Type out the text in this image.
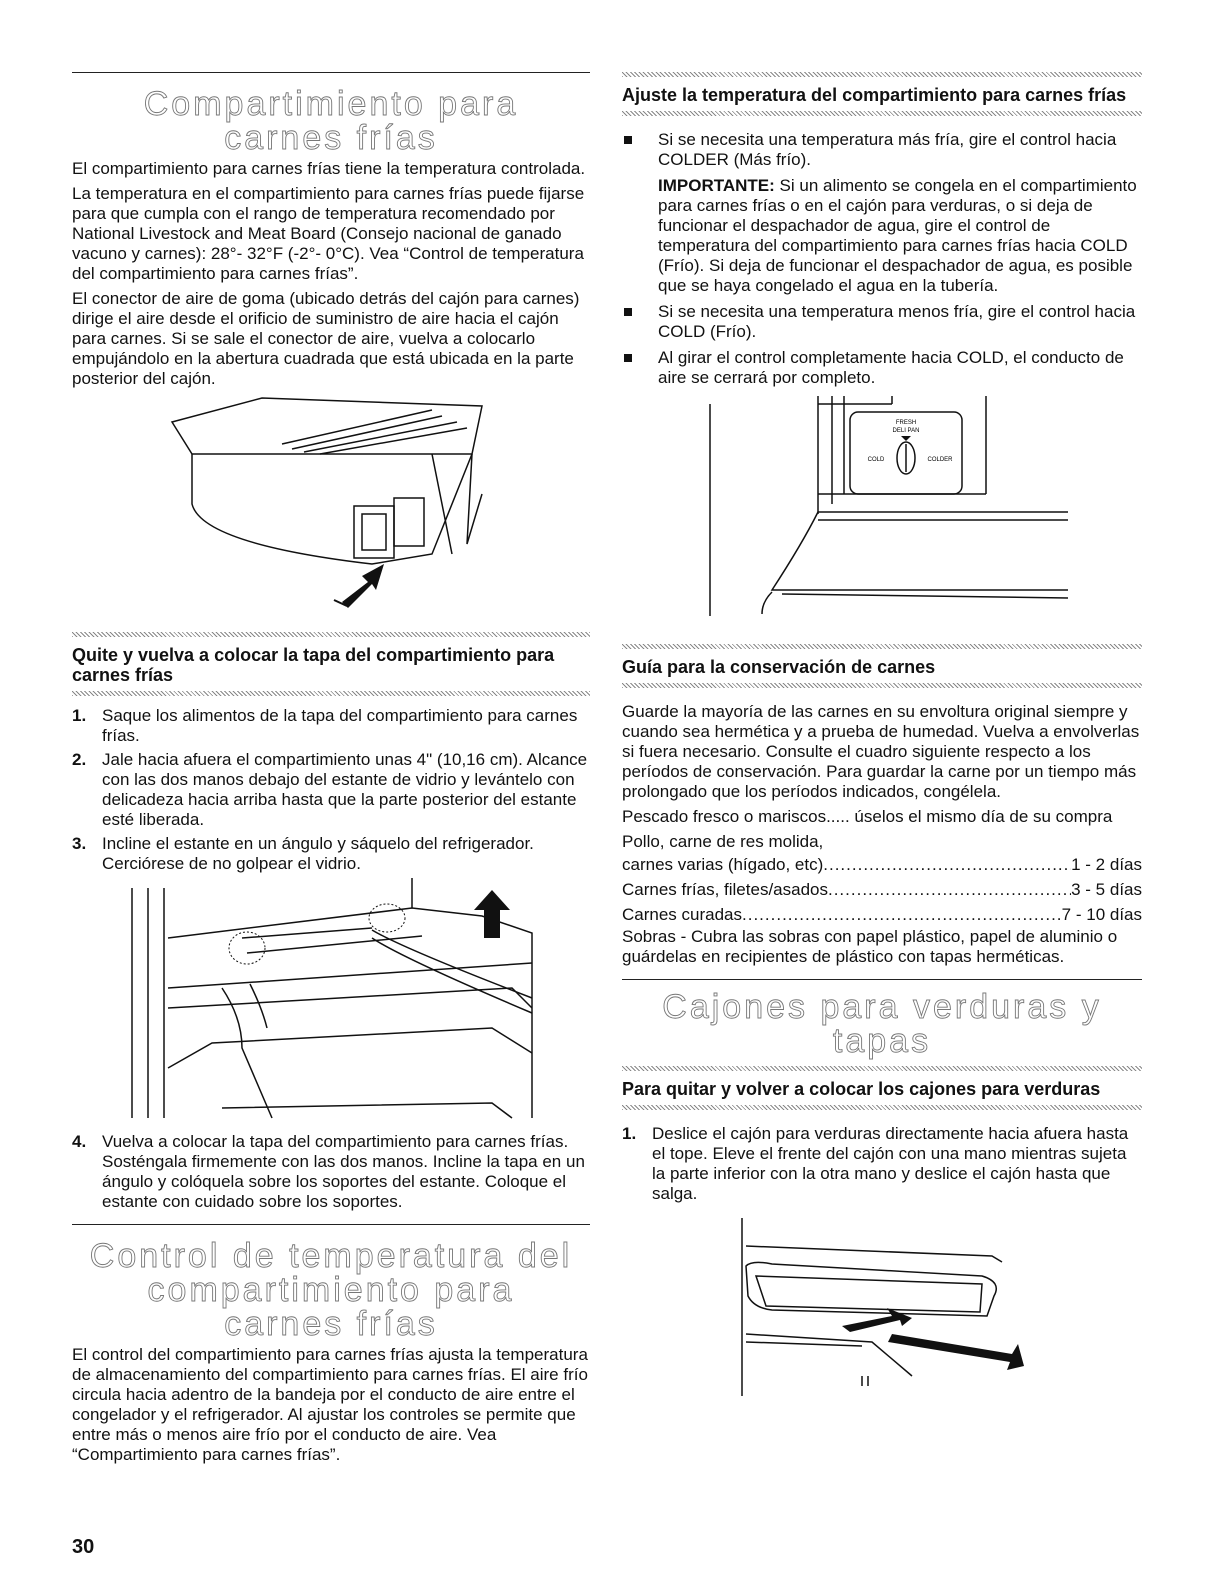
Compartimiento para
carnes frías

El compartimiento para carnes frías tiene la temperatura controlada.

La temperatura en el compartimiento para carnes frías puede fijarse para que cumpla con el rango de temperatura recomendado por National Livestock and Meat Board (Consejo nacional de ganado vacuno y carnes): 28°- 32°F (-2°- 0°C). Vea “Control de temperatura del compartimiento para carnes frías”.

El conector de aire de goma (ubicado detrás del cajón para carnes) dirige el aire desde el orificio de suministro de aire hacia el cajón para carnes. Si se sale el conector de aire, vuelva a colocarlo empujándolo en la abertura cuadrada que está ubicada en la parte posterior del cajón.

Quite y vuelva a colocar la tapa del compartimiento para carnes frías
1. Saque los alimentos de la tapa del compartimiento para carnes frías.
2. Jale hacia afuera el compartimiento unas 4" (10,16 cm). Alcance con las dos manos debajo del estante de vidrio y levántelo con delicadeza hacia arriba hasta que la parte posterior del estante esté liberada.
3. Incline el estante en un ángulo y sáquelo del refrigerador. Cerciórese de no golpear el vidrio.
4. Vuelva a colocar la tapa del compartimiento para carnes frías. Sosténgala firmemente con las dos manos. Incline la tapa en un ángulo y colóquela sobre los soportes del estante. Coloque el estante con cuidado sobre los soportes.
Control de temperatura del
compartimiento para
carnes frías

El control del compartimiento para carnes frías ajusta la temperatura de almacenamiento del compartimiento para carnes frías. El aire frío circula hacia adentro de la bandeja por el conducto de aire entre el congelador y el refrigerador. Al ajustar los controles se permite que entre más o menos aire frío por el conducto de aire. Vea “Compartimiento para carnes frías”.

Ajuste la temperatura del compartimiento para carnes frías
Si se necesita una temperatura más fría, gire el control hacia COLDER (Más frío).

IMPORTANTE: Si un alimento se congela en el compartimiento para carnes frías o en el cajón para verduras, o si deja de funcionar el despachador de agua, gire el control de temperatura del compartimiento para carnes frías hacia COLD (Frío). Si deja de funcionar el despachador de agua, es posible que se haya congelado el agua en la tubería.

Si se necesita una temperatura menos fría, gire el control hacia COLD (Frío).
Al girar el control completamente hacia COLD, el conducto de aire se cerrará por completo.
FRESH
DELI PAN
COLD	COLDER
Guía para la conservación de carnes

Guarde la mayoría de las carnes en su envoltura original siempre y cuando sea hermética y a prueba de humedad. Vuelva a envolverlas si fuera necesario. Consulte el cuadro siguiente respecto a los períodos de conservación. Para guardar la carne por un tiempo más prolongado que los períodos indicados, congélela.

Pescado fresco o mariscos..... úselos el mismo día de su compra

Pollo, carne de res molida,

carnes varias (hígado, etc) .....	1 - 2 días
Carnes frías, filetes/asados .....	3 - 5 días
Carnes curadas .....	7 - 10 días

Sobras - Cubra las sobras con papel plástico, papel de aluminio o guárdelas en recipientes de plástico con tapas herméticas.

Cajones para verduras y tapas
Para quitar y volver a colocar los cajones para verduras
1. Deslice el cajón para verduras directamente hacia afuera hasta el tope. Eleve el frente del cajón con una mano mientras sujeta la parte inferior con la otra mano y deslice el cajón hasta que salga.
30
